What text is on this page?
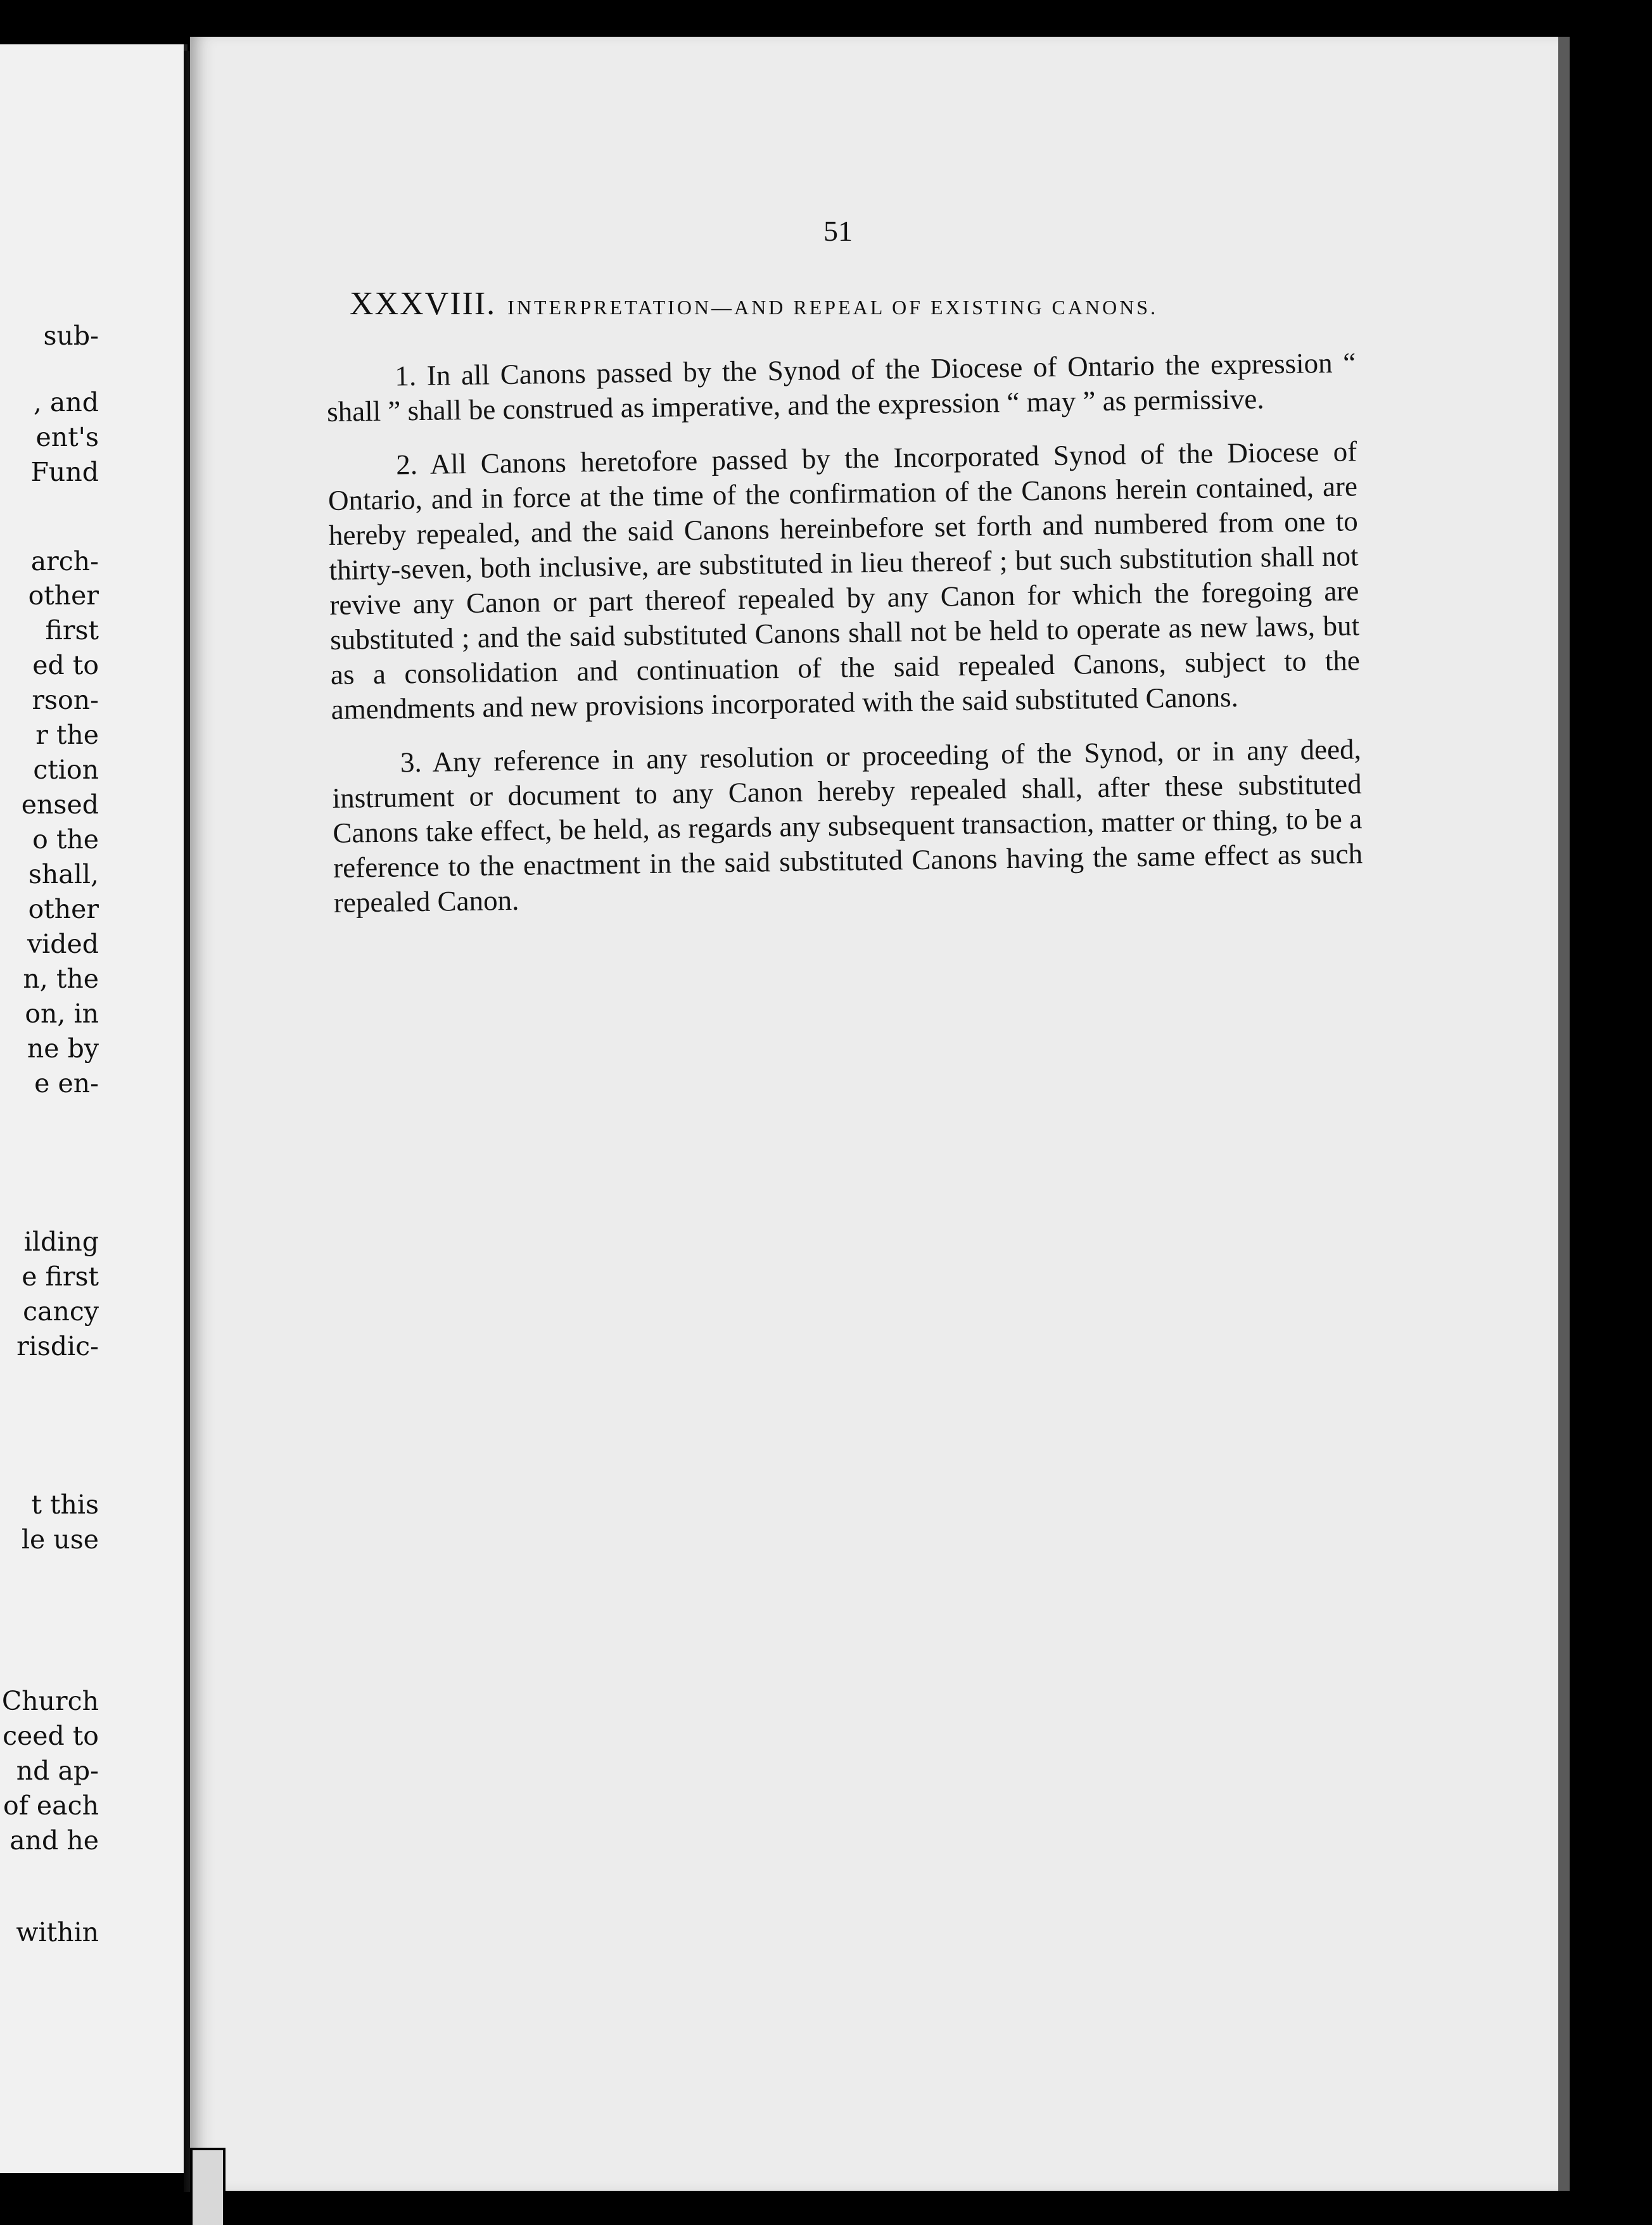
sub-
, and
ent's
Fund
arch-
other
first
ed to
rson-
r the
ction
ensed
o the
shall,
other
vided
n, the
on, in
ne by
e en-
ilding
e first
cancy
risdic-
t this
le use
Church
ceed to
nd ap-
of each
and he
within
51
XXXVIII. INTERPRETATION—AND REPEAL OF EXISTING CANONS.

1. In all Canons passed by the Synod of the Diocese of Ontario the expression “ shall ” shall be construed as imperative, and the expression “ may ” as permissive.

2. All Canons heretofore passed by the Incorporated Synod of the Diocese of Ontario, and in force at the time of the confirmation of the Canons herein contained, are hereby repealed, and the said Canons hereinbefore set forth and numbered from one to thirty-seven, both inclusive, are substituted in lieu thereof ; but such substitution shall not revive any Canon or part thereof repealed by any Canon for which the foregoing are substituted ; and the said substituted Canons shall not be held to operate as new laws, but as a consolidation and continuation of the said repealed Canons, subject to the amendments and new provisions incorporated with the said substituted Canons.

3. Any reference in any resolution or proceeding of the Synod, or in any deed, instrument or document to any Canon hereby repealed shall, after these substituted Canons take effect, be held, as regards any subsequent transaction, matter or thing, to be a reference to the enactment in the said substituted Canons having the same effect as such repealed Canon.
